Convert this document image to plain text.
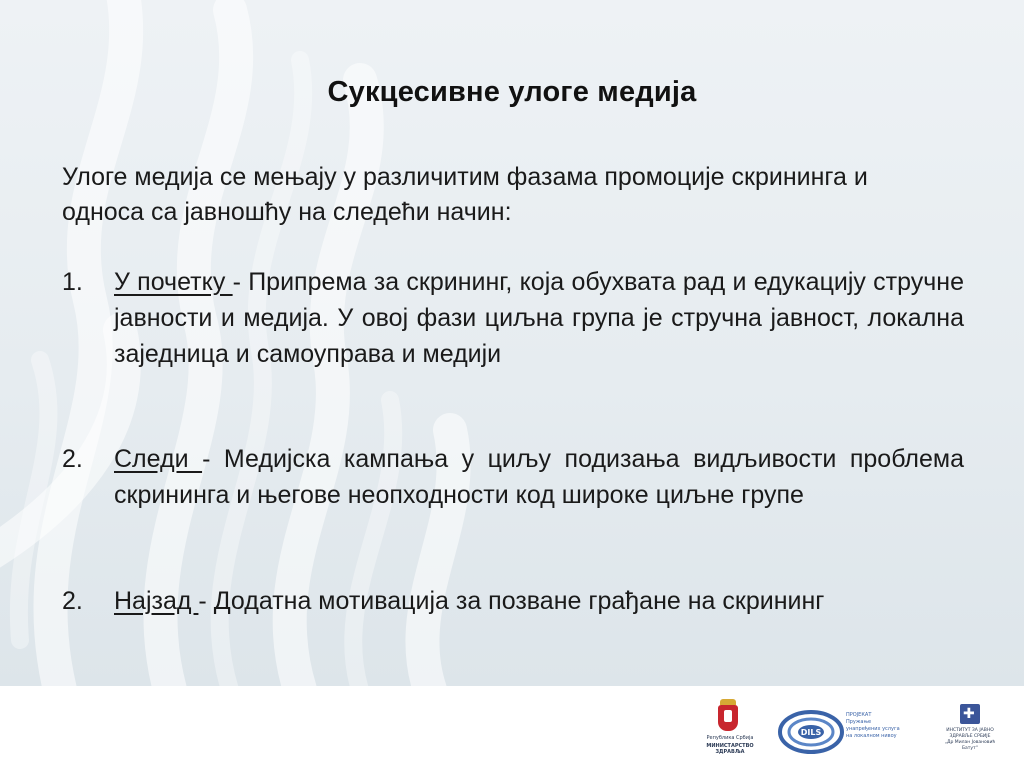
Сукцесивне улоге медија
Улоге медија се мењају у различитим фазама промоције скрининга и односа са јавношћу на следећи начин:
1.	У почетку - Припрема за скрининг, која обухвата рад и едукацију стручне јавности и медија. У овој фази циљна група је стручна јавност, локална заједница и самоуправа и медији
2.	Следи - Медијска кампања у циљу подизања видљивости проблема скрининга и његове неопходности код широке циљне групе
2.	Најзад - Додатна мотивација за позване грађане на скрининг
Република Србија
МИНИСТАРСТВО ЗДРАВЉА
DILS
ПРОЈЕКАТ
Пружање
унапређених услуга
на локалном нивоу
✚
ИНСТИТУТ ЗА ЈАВНО ЗДРАВЉЕ СРБИЈЕ
„Др Милан Јовановић Батут“
